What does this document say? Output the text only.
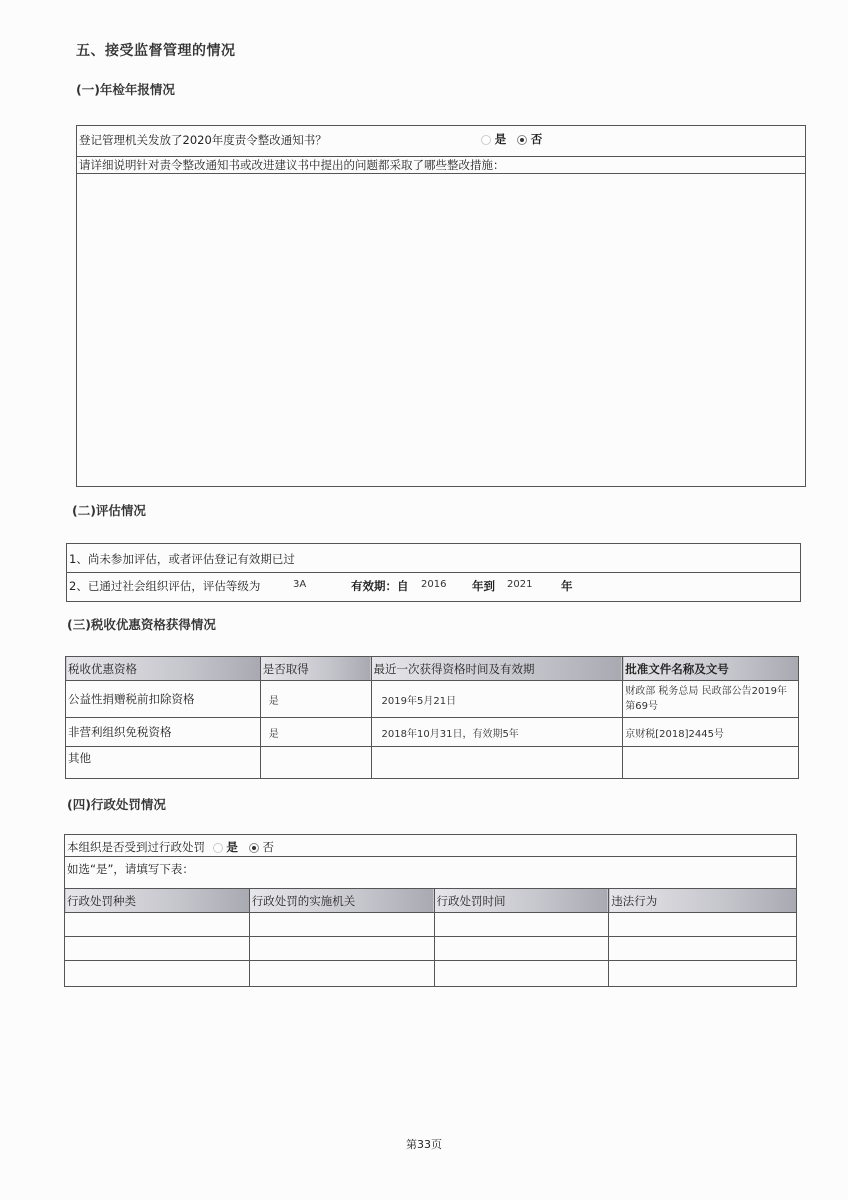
五、接受监督管理的情况
(一)年检年报情况
登记管理机关发放了2020年度责令整改通知书？	是 否
请详细说明针对责令整改通知书或改进建议书中提出的问题都采取了哪些整改措施：
(二)评估情况
1、尚未参加评估，或者评估登记有效期已过
2、已通过社会组织评估，评估等级为	3A	有效期：自 2016 年到 2021 年
(三)税收优惠资格获得情况
税收优惠资格	是否取得	最近一次获得资格时间及有效期	批准文件名称及文号
公益性捐赠税前扣除资格	是	2019年5月21日	财政部 税务总局 民政部公告2019年第69号
非营利组织免税资格	是	2018年10月31日，有效期5年	京财税[2018]2445号
其他			
(四)行政处罚情况
本组织是否受到过行政处罚 是 否
如选“是”，请填写下表：
行政处罚种类	行政处罚的实施机关	行政处罚时间	违法行为

第33页
